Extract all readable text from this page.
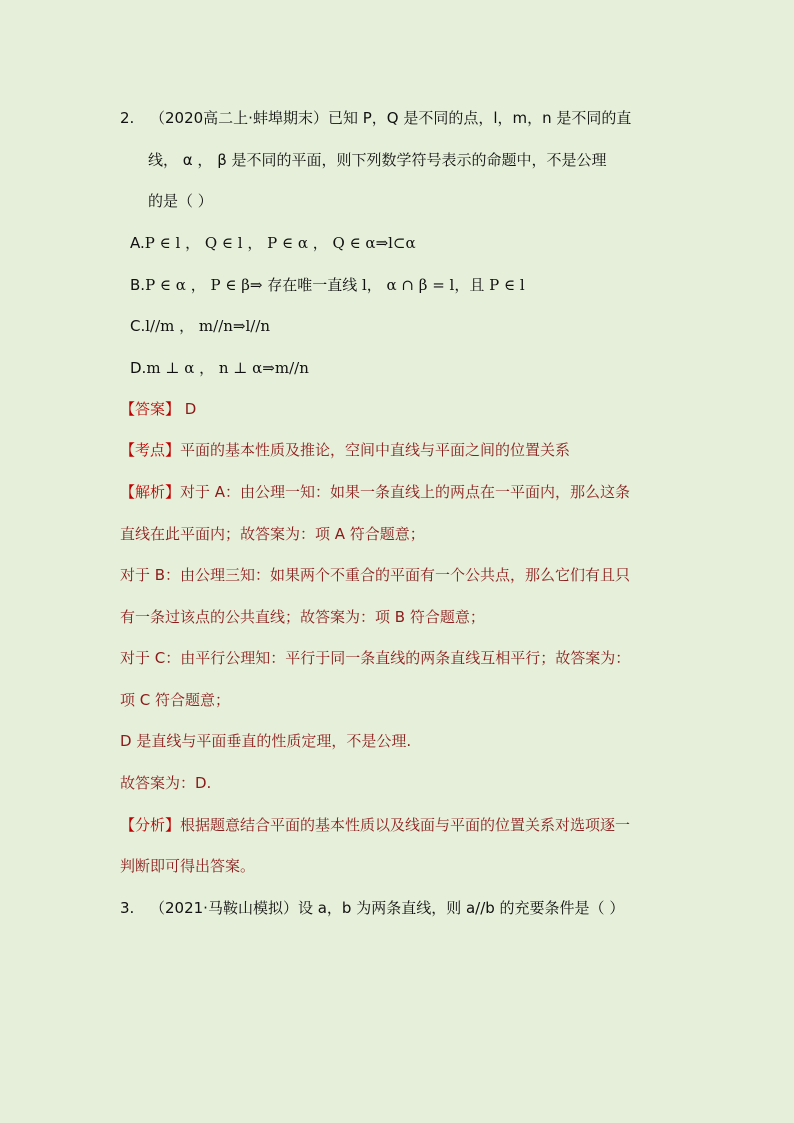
2. （2020高二上·蚌埠期末）已知 P，Q 是不同的点，l，m，n 是不同的直
线， α ， β 是不同的平面，则下列数学符号表示的命题中，不是公理
的是（ ）
A.P ∈ l ， Q ∈ l ， P ∈ α ， Q ∈ α⇒l⊂α
B.P ∈ α ， P ∈ β⇒ 存在唯一直线 l， α ∩ β = l，且 P ∈ l
C.l//m ， m//n⇒l//n
D.m ⊥ α ， n ⊥ α⇒m//n
【答案】 D
【考点】平面的基本性质及推论，空间中直线与平面之间的位置关系
【解析】对于 A：由公理一知：如果一条直线上的两点在一平面内，那么这条
直线在此平面内；故答案为：项 A 符合题意；
对于 B：由公理三知：如果两个不重合的平面有一个公共点，那么它们有且只
有一条过该点的公共直线；故答案为：项 B 符合题意；
对于 C：由平行公理知：平行于同一条直线的两条直线互相平行；故答案为：
项 C 符合题意；
D 是直线与平面垂直的性质定理，不是公理.
故答案为：D.
【分析】根据题意结合平面的基本性质以及线面与平面的位置关系对选项逐一
判断即可得出答案。
3. （2021·马鞍山模拟）设 a，b 为两条直线，则 a//b 的充要条件是（ ）
